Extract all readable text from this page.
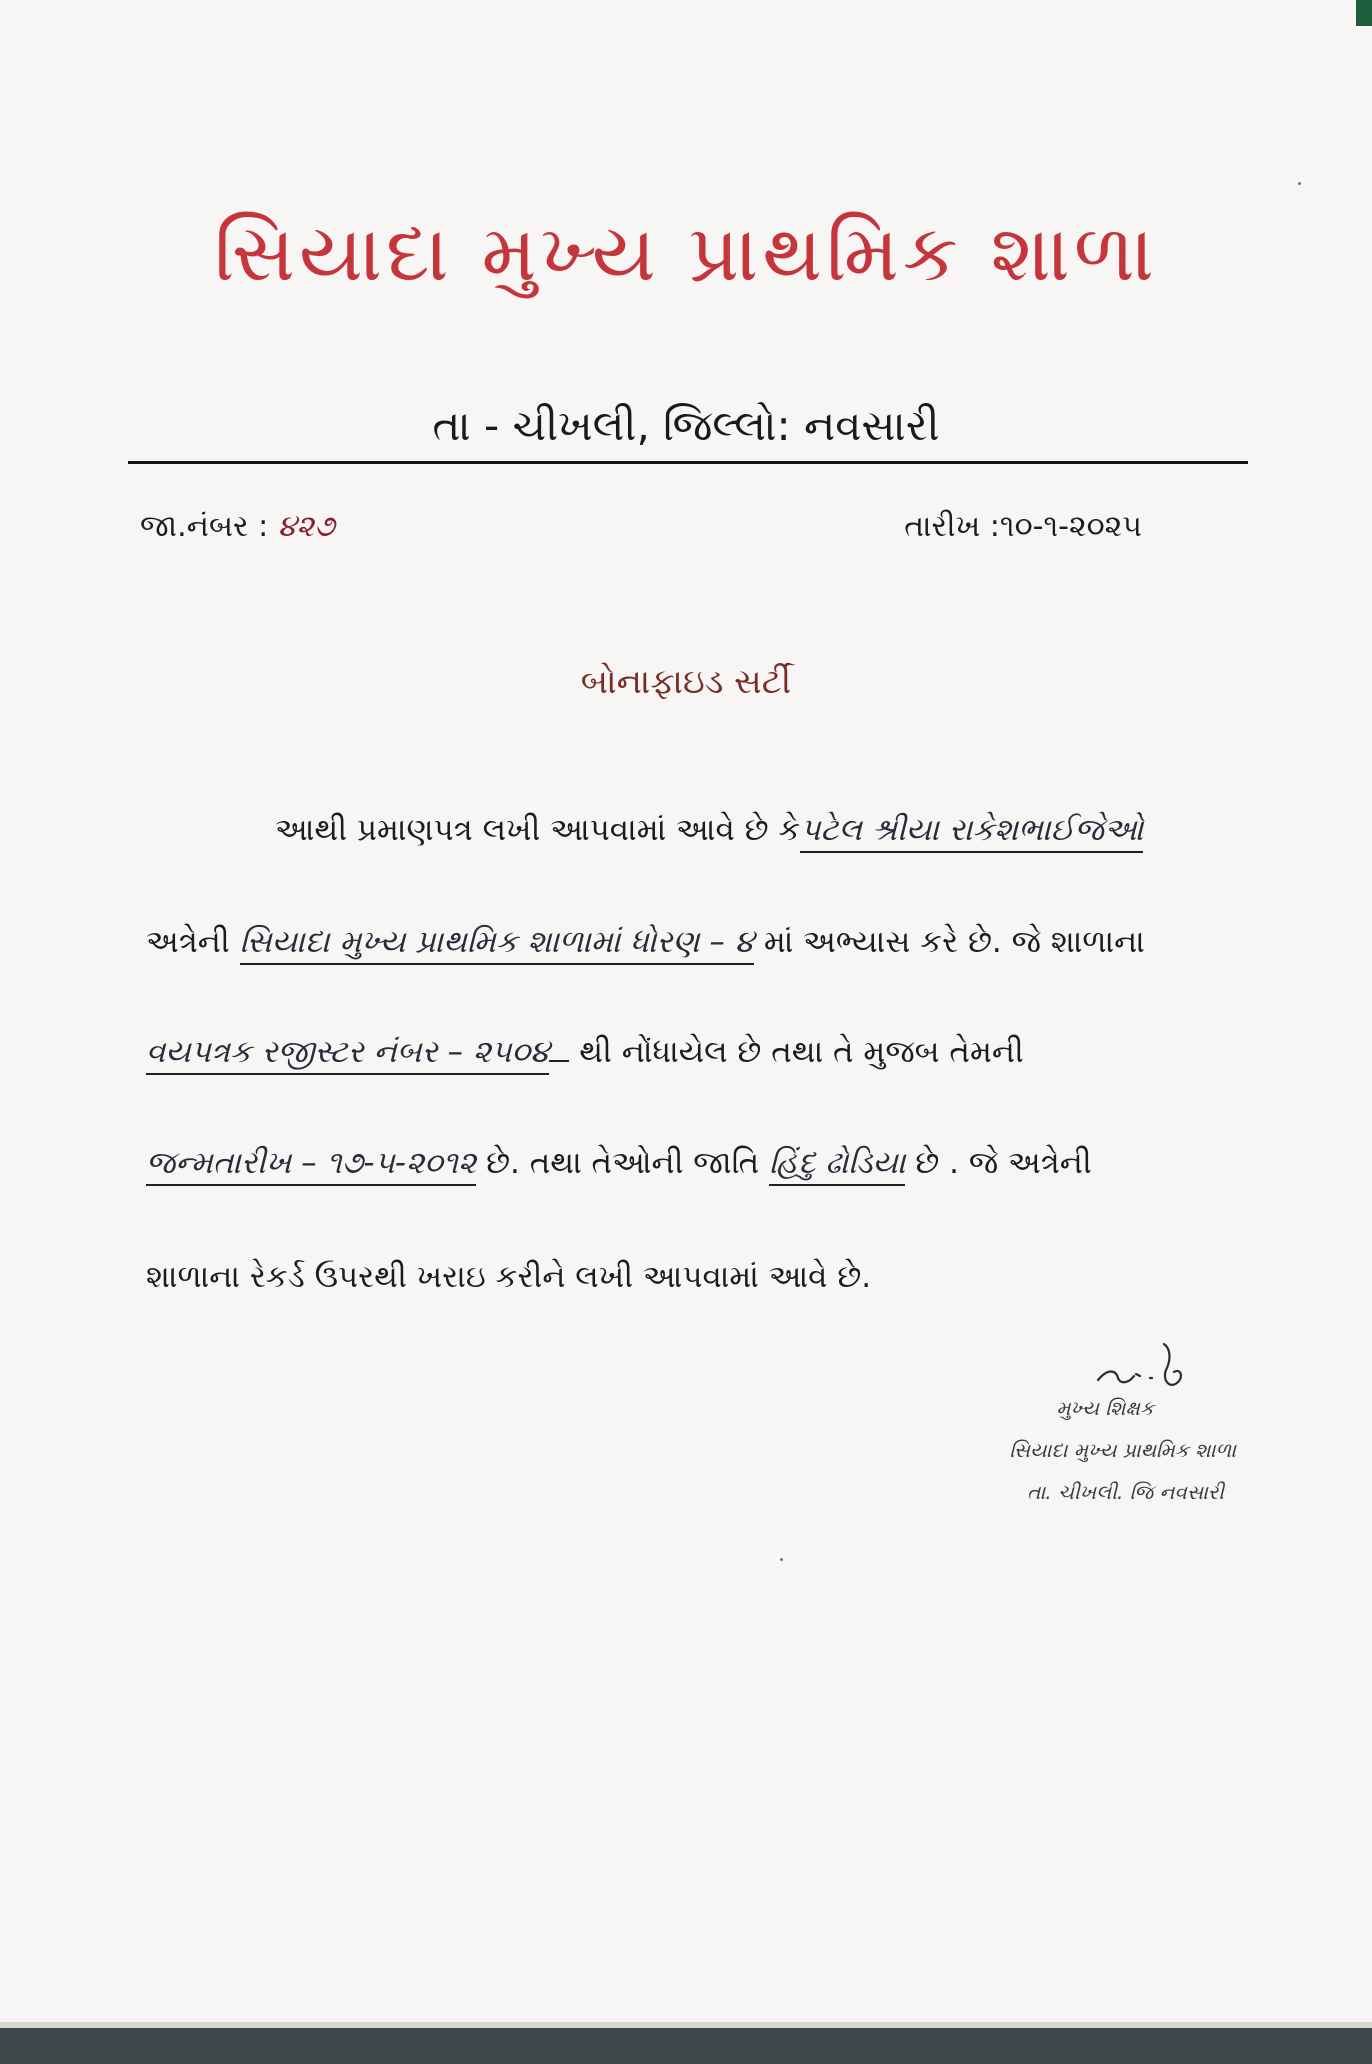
સિયાદા મુખ્ય પ્રાથમિક શાળા
તા - ચીખલી, જિલ્લો: નવસારી
જા.નંબર : ૪૨૭	તારીખ :૧૦-૧-૨૦૨૫
બોનાફાઇડ સર્ટી
આથી પ્રમાણપત્ર લખી આપવામાં આવે છે કેપટેલ શ્રીયા રાકેશભાઈજેઓ
અત્રેની સિયાદા મુખ્ય પ્રાથમિક શાળામાં ધોરણ – ૪ માં અભ્યાસ કરે છે. જે શાળાના
વયપત્રક રજીસ્ટર નંબર – ૨૫૦૪ થી નોંધાયેલ છે તથા તે મુજબ તેમની
જન્મતારીખ – ૧૭-૫-૨૦૧૨ છે. તથા તેઓની જાતિ હિંદુ ઢોડિયા છે . જે અત્રેની
શાળાના રેકર્ડ ઉપરથી ખરાઇ કરીને લખી આપવામાં આવે છે.
મુખ્ય શિક્ષક
સિયાદા મુખ્ય પ્રાથમિક શાળા
તા. ચીખલી. જિ નવસારી
